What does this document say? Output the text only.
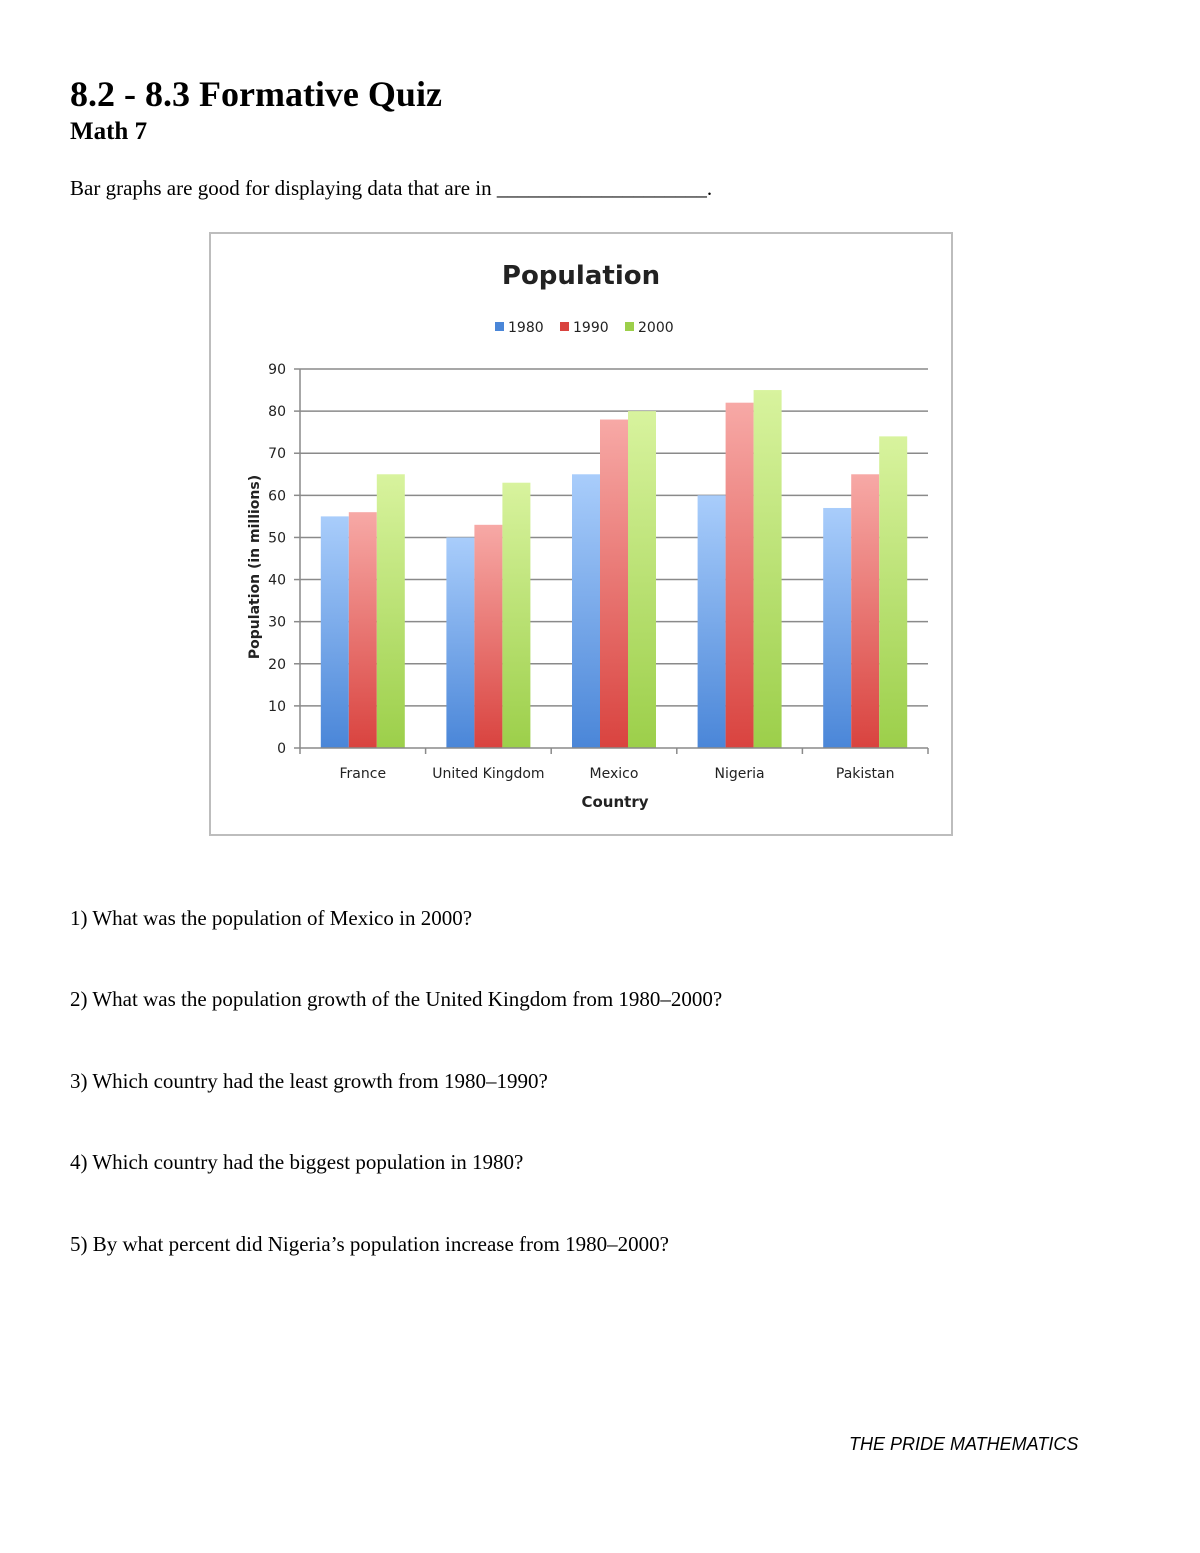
8.2 - 8.3 Formative Quiz
Math 7

Bar graphs are good for displaying data that are in ____________________.

Population
1980 1990 2000
0
10
20
30
40
50
60
70
80
90
France	United Kingdom	Mexico	Nigeria	Pakistan
Country
Population (in millions)

1) What was the population of Mexico in 2000?

2) What was the population growth of the United Kingdom from 1980–2000?

3) Which country had the least growth from 1980–1990?

4) Which country had the biggest population in 1980?

5) By what percent did Nigeria’s population increase from 1980–2000?

THE PRIDE MATHEMATICS
